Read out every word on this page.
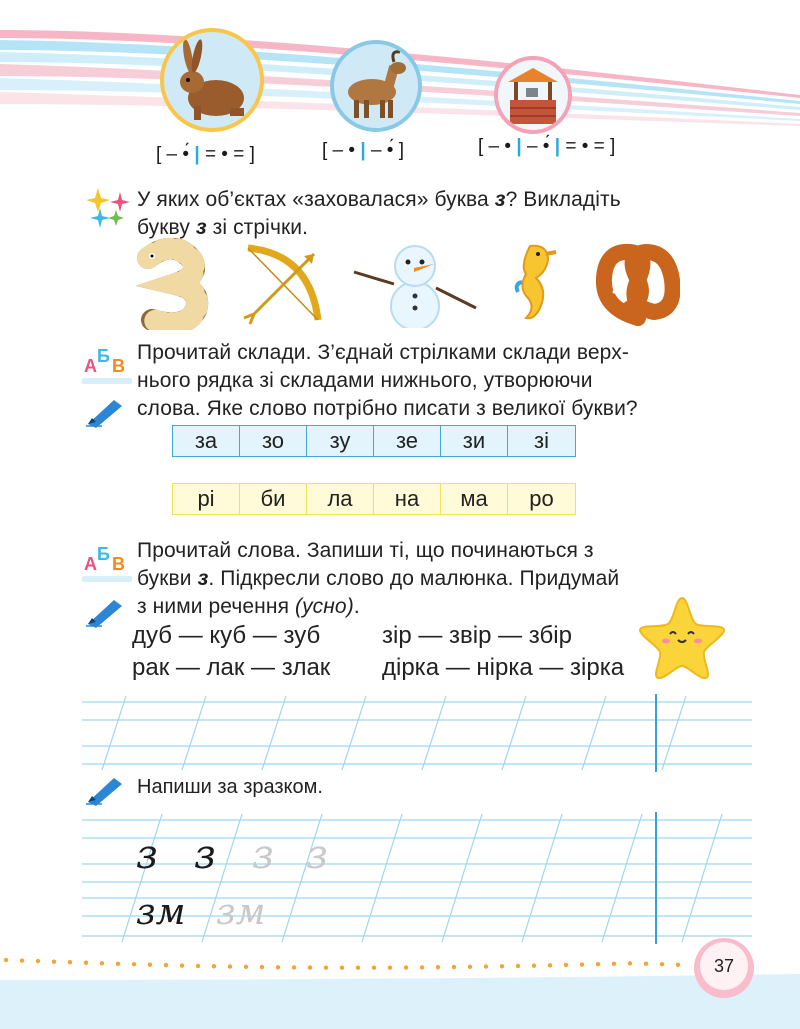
[ – •́ | = • = ]	[ – • | – •́ ]	[ – • | – •́ | = • = ]
У яких об’єктах «заховалася» буква з? Викладіть
букву з зі стрічки.
А Б В
Прочитай склади. З’єднай стрілками склади верх-
нього рядка зі складами нижнього, утворюючи
слова. Яке слово потрібно писати з великої букви?
за	зо	зу	зе	зи	зі
рі	би	ла	на	ма	ро
А Б В
Прочитай слова. Запиши ті, що починаються з
букви з. Підкресли слово до малюнка. Придумай
з ними речення (усно).
дуб — куб — зуб
рак — лак — злак
зір — звір — збір
дірка — нірка — зірка
Напиши за зразком.
з з з з
зм зм
37
